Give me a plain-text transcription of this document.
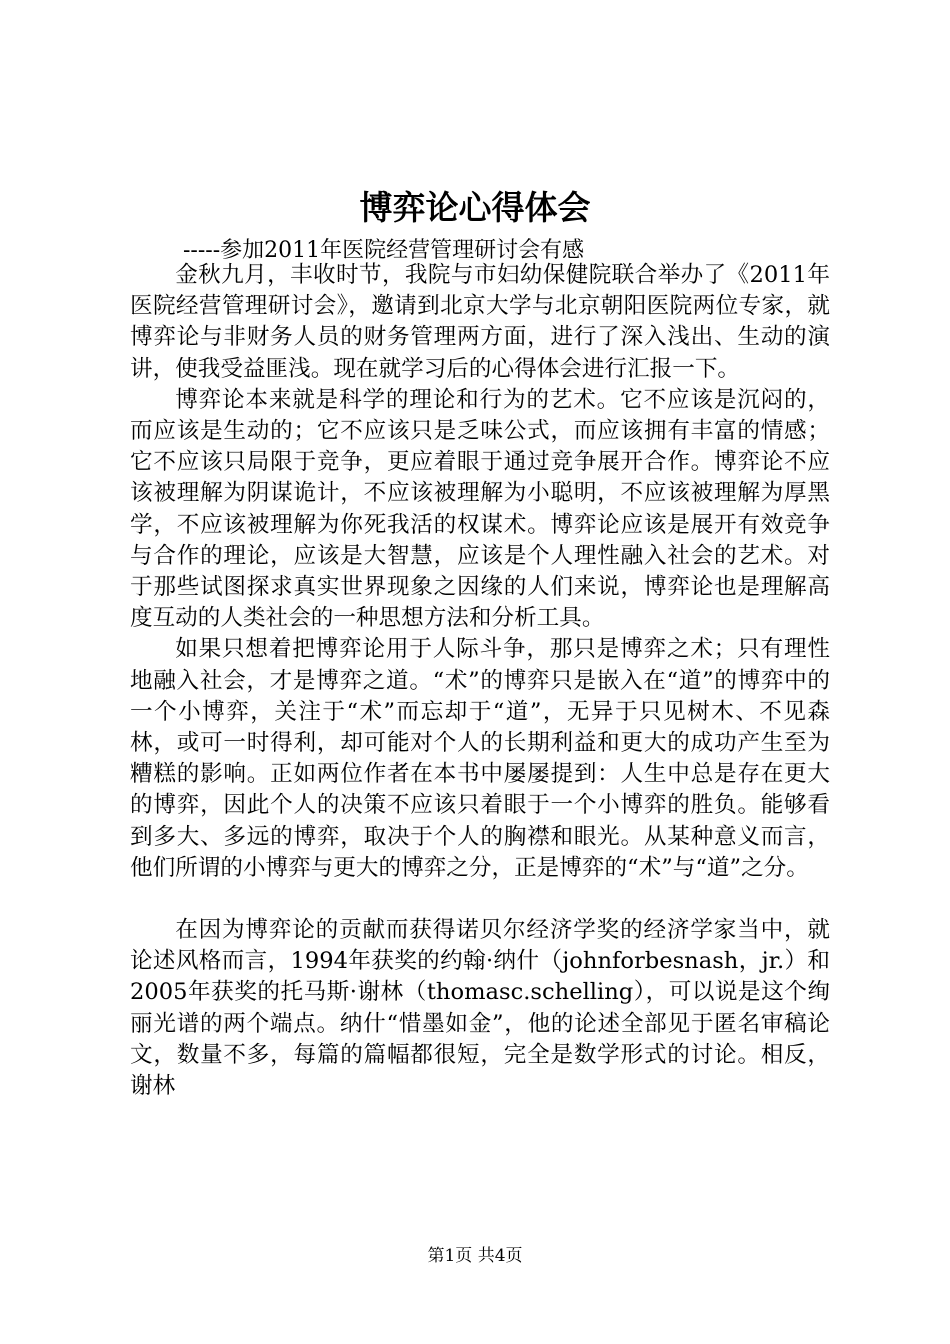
博弈论心得体会

-----参加2011年医院经营管理研讨会有感

金秋九月，丰收时节，我院与市妇幼保健院联合举办了《2011年医院经营管理研讨会》，邀请到北京大学与北京朝阳医院两位专家，就博弈论与非财务人员的财务管理两方面，进行了深入浅出、生动的演讲，使我受益匪浅。现在就学习后的心得体会进行汇报一下。

博弈论本来就是科学的理论和行为的艺术。它不应该是沉闷的，而应该是生动的；它不应该只是乏味公式，而应该拥有丰富的情感；它不应该只局限于竞争，更应着眼于通过竞争展开合作。博弈论不应该被理解为阴谋诡计，不应该被理解为小聪明，不应该被理解为厚黑学，不应该被理解为你死我活的权谋术。博弈论应该是展开有效竞争与合作的理论，应该是大智慧，应该是个人理性融入社会的艺术。对于那些试图探求真实世界现象之因缘的人们来说，博弈论也是理解高度互动的人类社会的一种思想方法和分析工具。

如果只想着把博弈论用于人际斗争，那只是博弈之术；只有理性地融入社会，才是博弈之道。“术”的博弈只是嵌入在“道”的博弈中的一个小博弈，关注于“术”而忘却于“道”，无异于只见树木、不见森林，或可一时得利，却可能对个人的长期利益和更大的成功产生至为糟糕的影响。正如两位作者在本书中屡屡提到：人生中总是存在更大的博弈，因此个人的决策不应该只着眼于一个小博弈的胜负。能够看到多大、多远的博弈，取决于个人的胸襟和眼光。从某种意义而言，他们所谓的小博弈与更大的博弈之分，正是博弈的“术”与“道”之分。

在因为博弈论的贡献而获得诺贝尔经济学奖的经济学家当中，就论述风格而言，1994年获奖的约翰·纳什（johnforbesnash，jr.）和2005年获奖的托马斯·谢林（thomasc.schelling），可以说是这个绚丽光谱的两个端点。纳什“惜墨如金”，他的论述全部见于匿名审稿论文，数量不多，每篇的篇幅都很短，完全是数学形式的讨论。相反，谢林

第1页 共4页
